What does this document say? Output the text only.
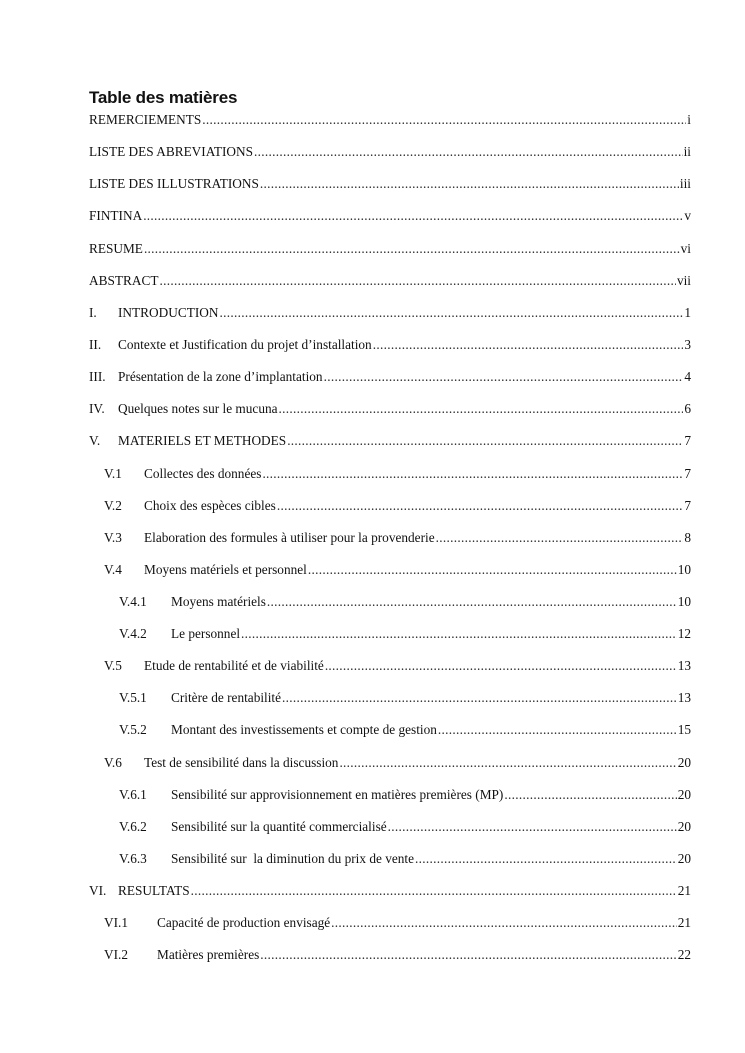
Table des matières
REMERCIEMENTS .....	i
LISTE DES ABREVIATIONS .....	ii
LISTE DES ILLUSTRATIONS .....	iii
FINTINA .....	v
RESUME .....	vi
ABSTRACT .....	vii
I.	INTRODUCTION .....	1
II.	Contexte et Justification du projet d’installation .....	3
III. Présentation de la zone d’implantation .....	4
IV.	Quelques notes sur le mucuna .....	6
V.	MATERIELS ET METHODES .....	7
V.1	Collectes des données .....	7
V.2	Choix des espèces cibles .....	7
V.3	Elaboration des formules à utiliser pour la provenderie .....	8
V.4	Moyens matériels et personnel .....	10
V.4.1	Moyens matériels .....	10
V.4.2	Le personnel .....	12
V.5	Etude de rentabilité et de viabilité .....	13
V.5.1	Critère de rentabilité .....	13
V.5.2	Montant des investissements et compte de gestion .....	15
V.6	Test de sensibilité dans la discussion .....	20
V.6.1	Sensibilité sur approvisionnement en matières premières (MP) .....	20
V.6.2	Sensibilité sur la quantité commercialisé .....	20
V.6.3	Sensibilité sur  la diminution du prix de vente .....	20
VI. RESULTATS .....	21
VI.1	Capacité de production envisagé .....	21
VI.2	Matières premières .....	22
